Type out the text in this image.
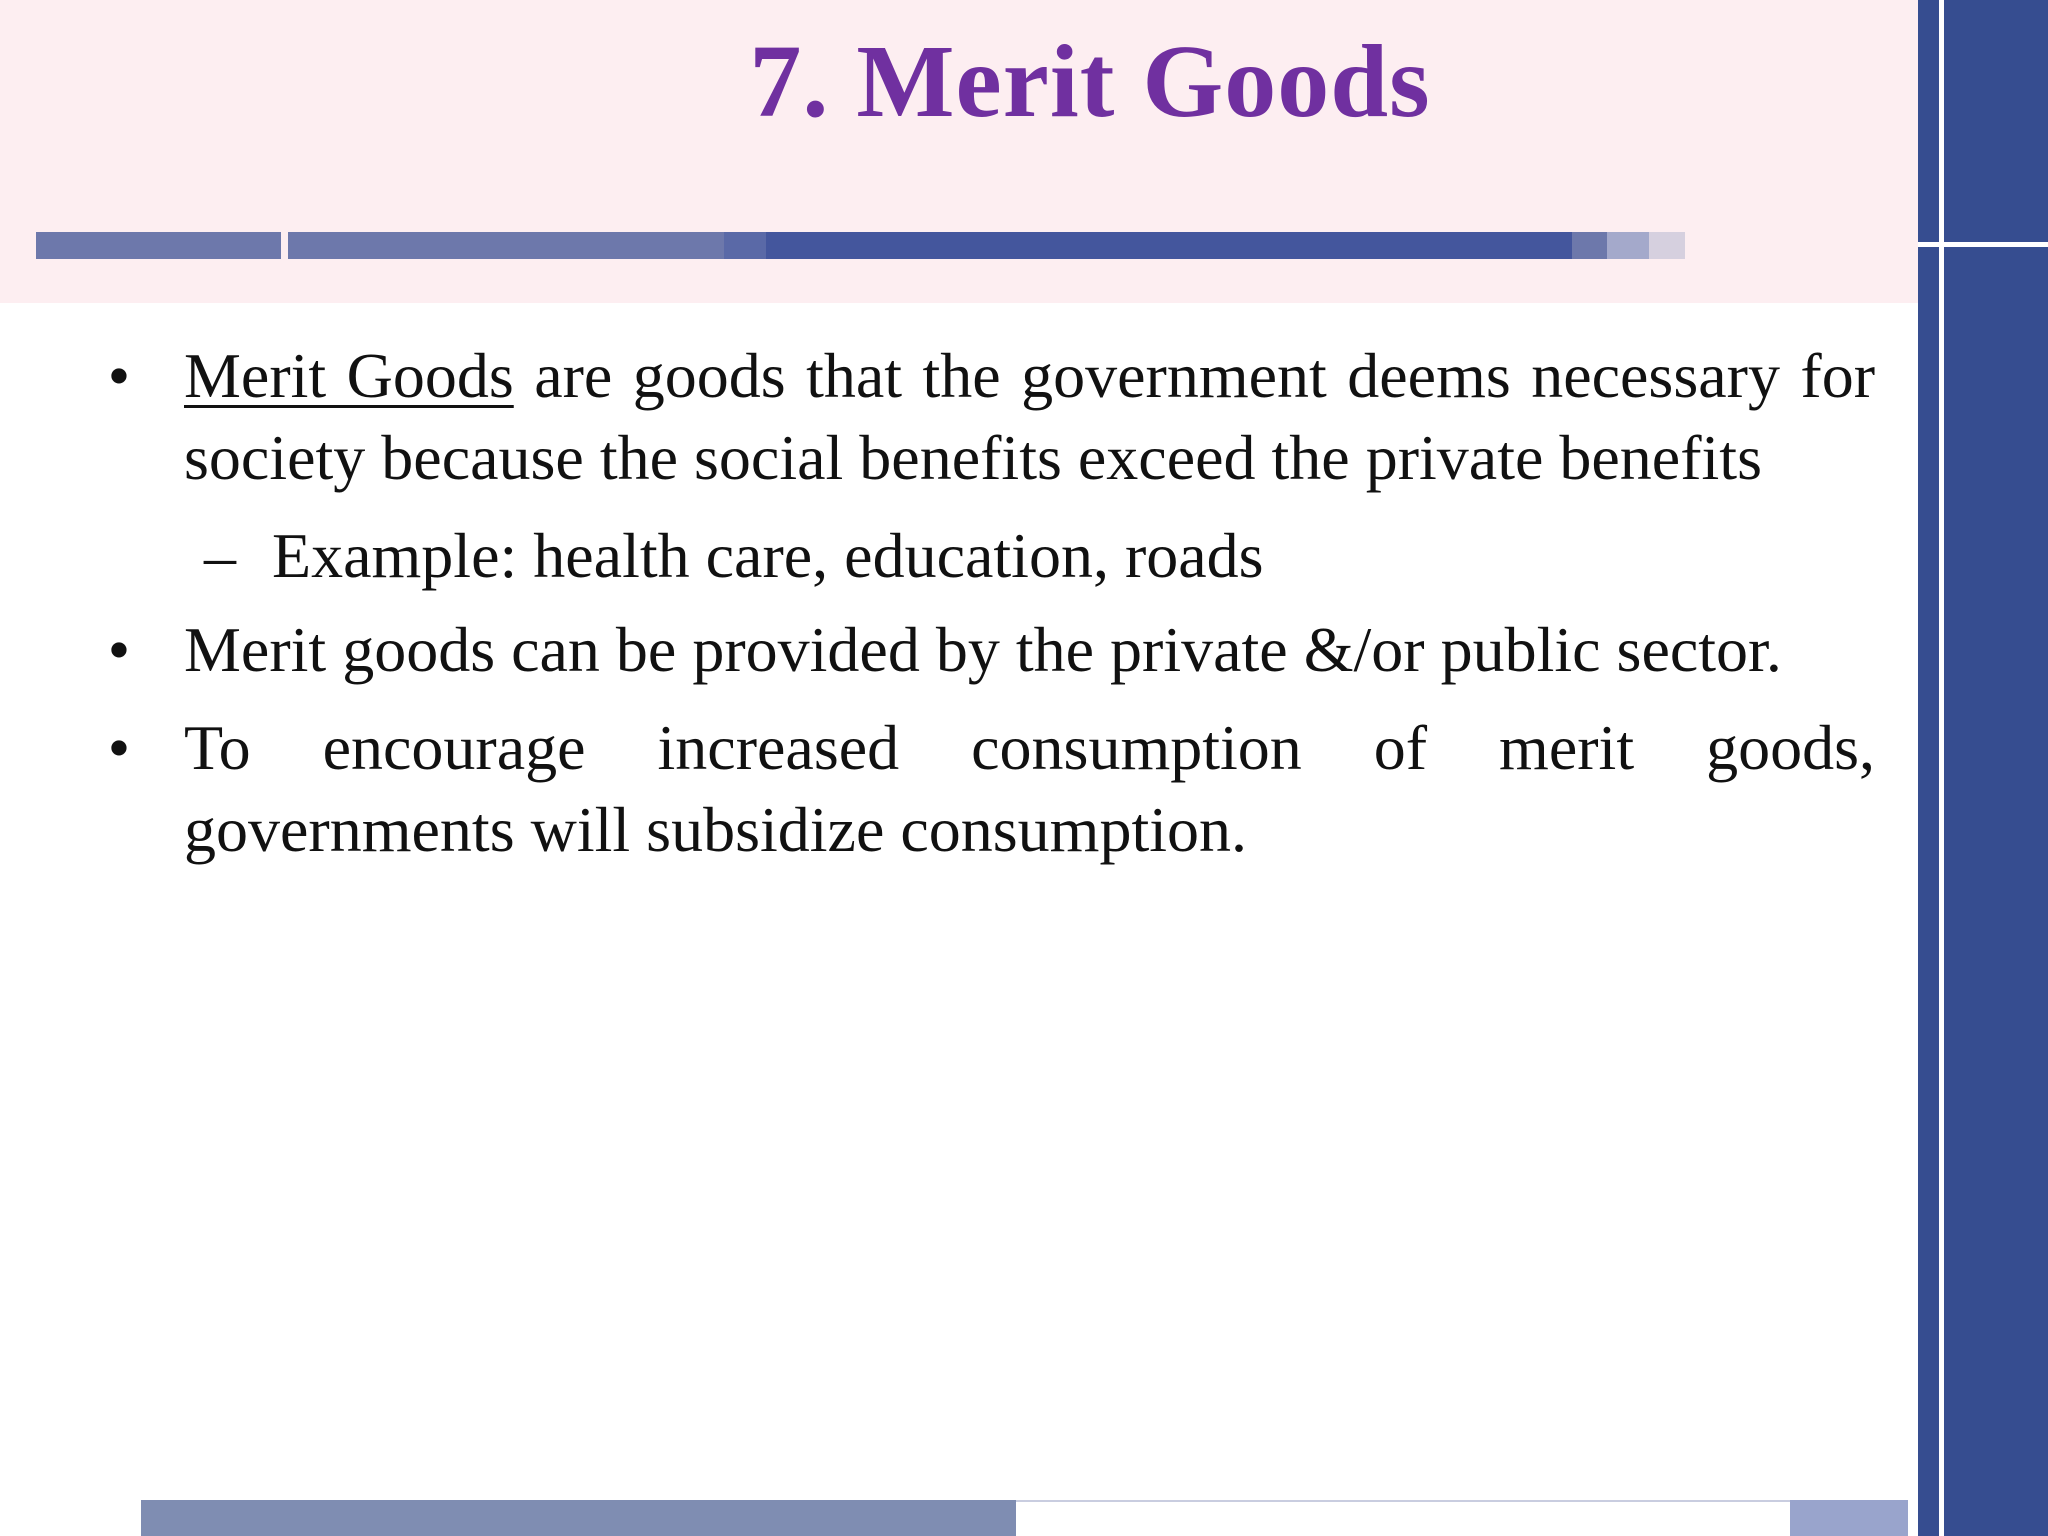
7. Merit Goods
• Merit Goods are goods that the government deems necessary for society because the social benefits exceed the private benefits
– Example: health care, education, roads
• Merit goods can be provided by the private &/or public sector.
• To encourage increased consumption of merit goods, governments will subsidize consumption.
